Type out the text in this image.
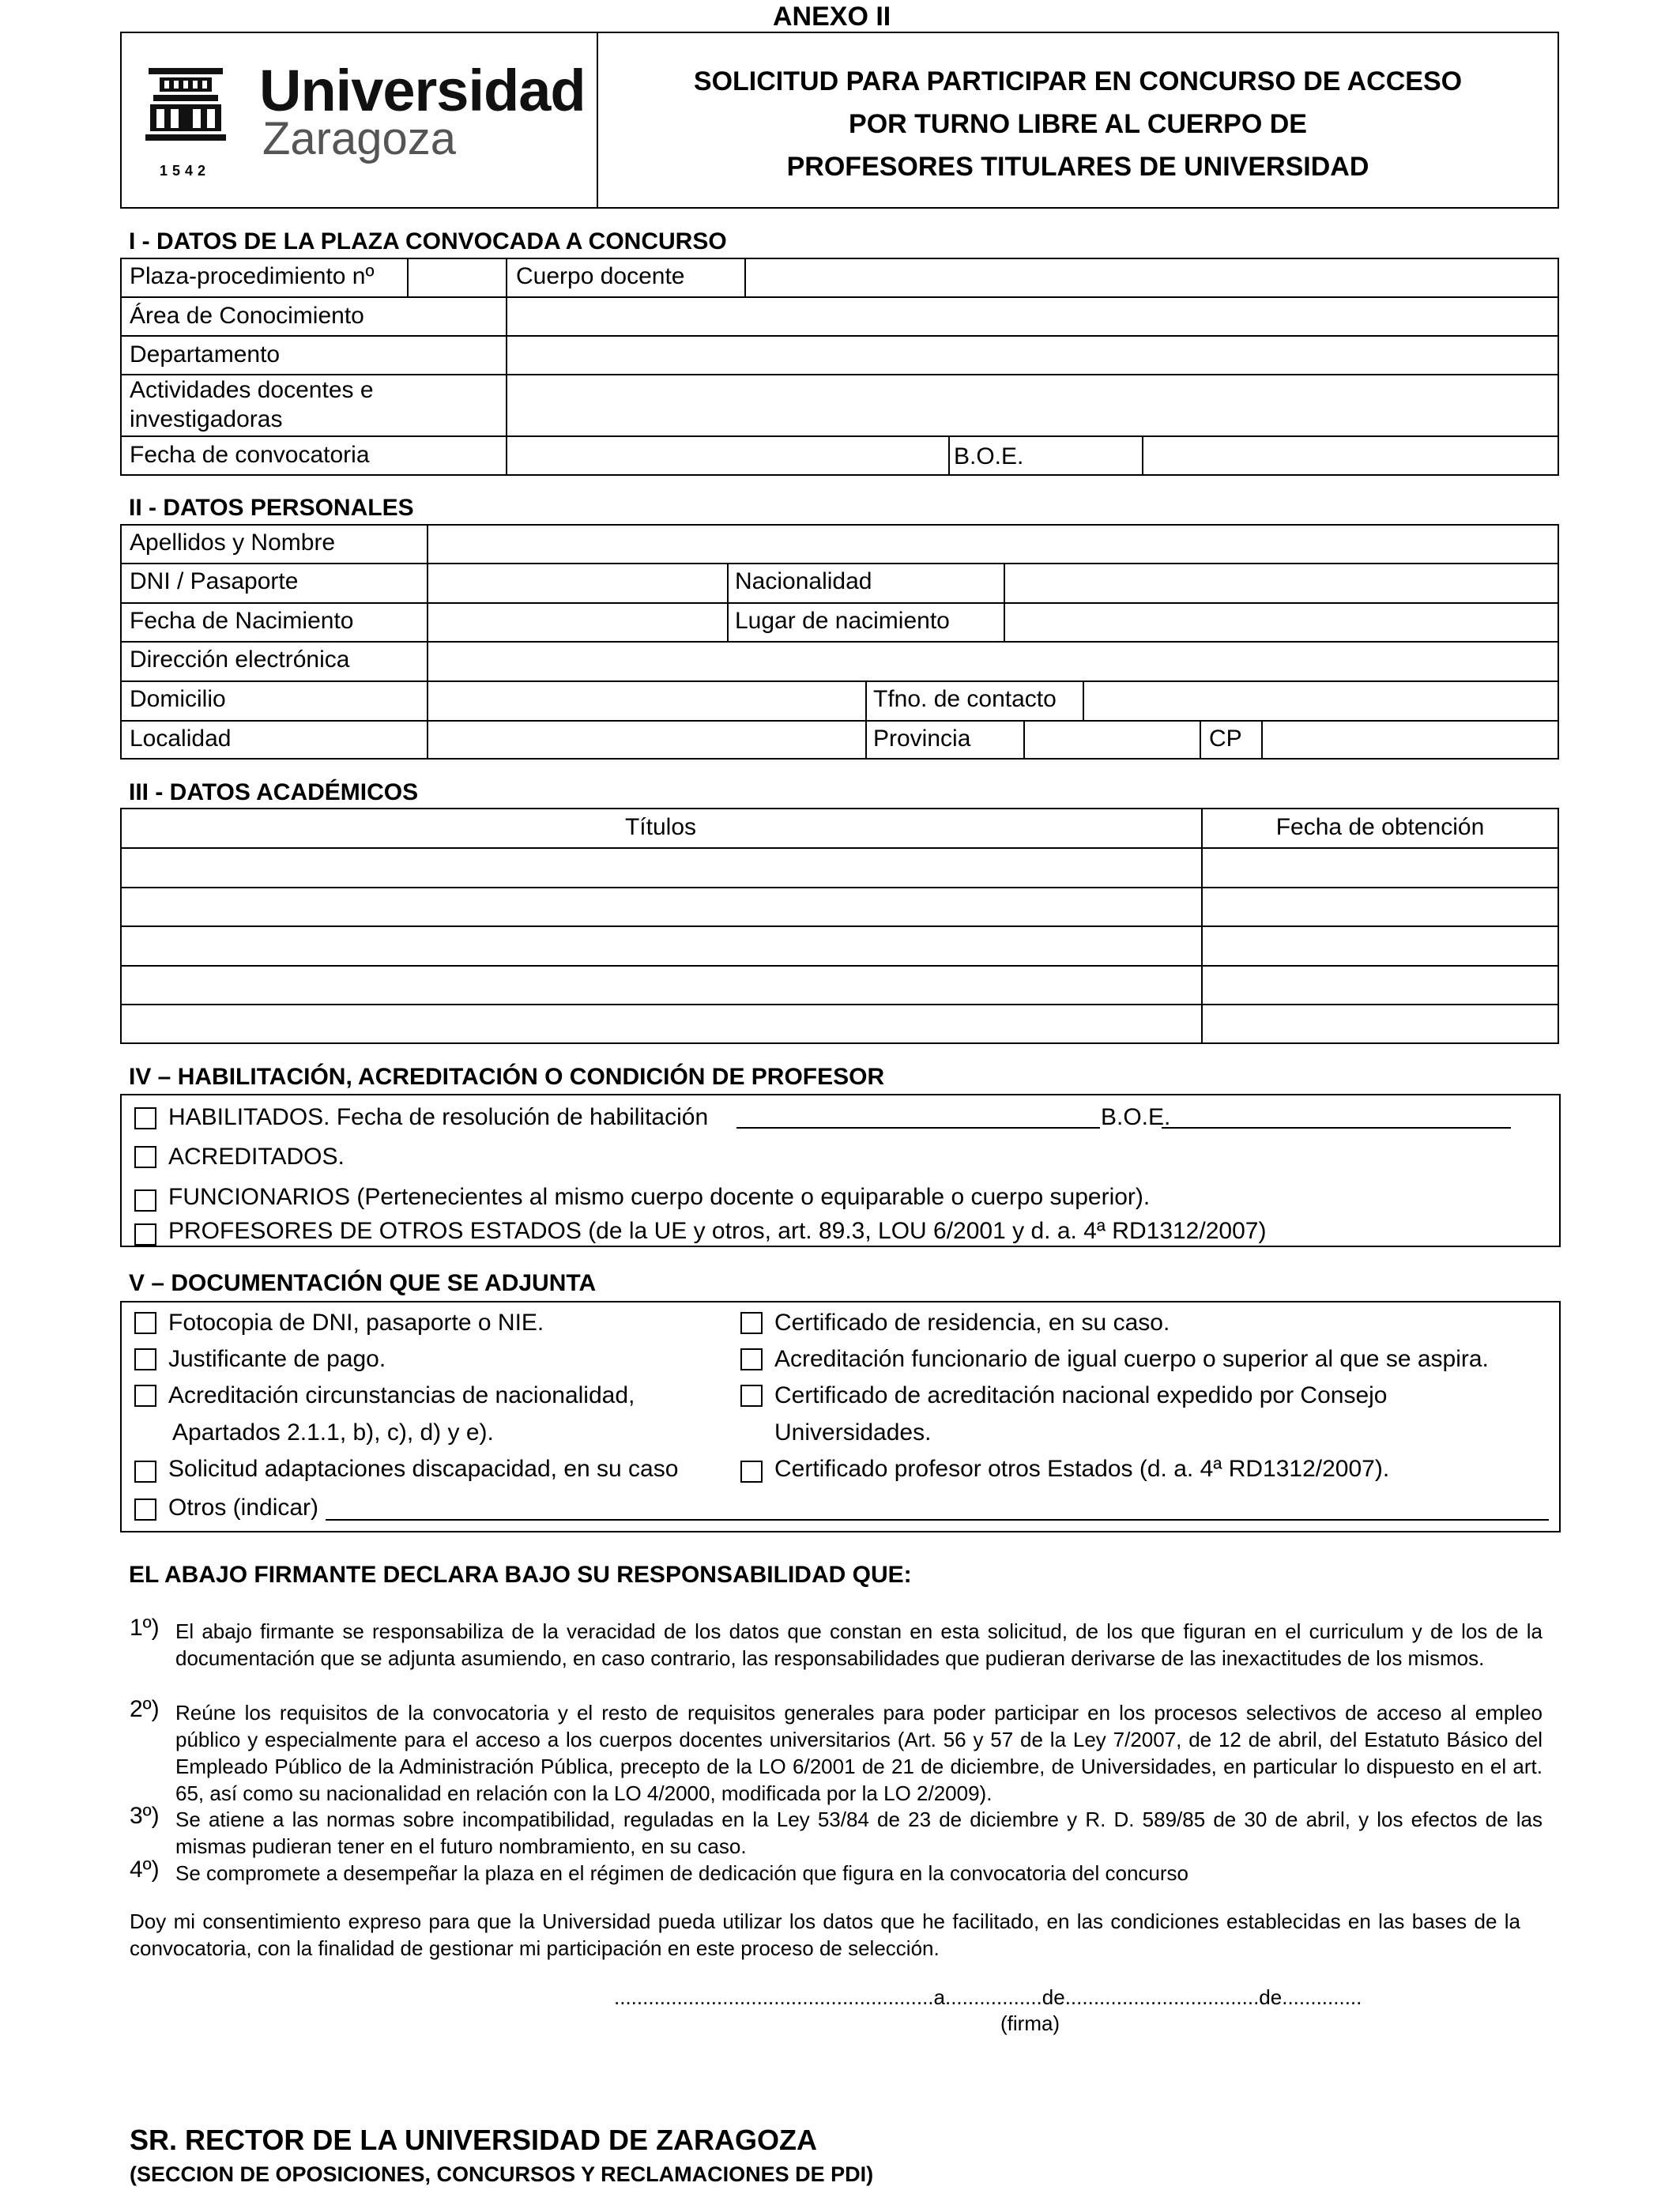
ANEXO II
1542
Universidad
Zaragoza
SOLICITUD PARA PARTICIPAR EN CONCURSO DE ACCESO
POR TURNO LIBRE AL CUERPO DE
PROFESORES TITULARES DE UNIVERSIDAD
I - DATOS DE LA PLAZA CONVOCADA A CONCURSO
Plaza-procedimiento nº	Cuerpo docente
Área de Conocimiento
Departamento
Actividades docentes e
investigadoras
Fecha de convocatoria	B.O.E.
II - DATOS PERSONALES
Apellidos y Nombre
DNI / Pasaporte	Nacionalidad
Fecha de Nacimiento	Lugar de nacimiento
Dirección electrónica
Domicilio	Tfno. de contacto
Localidad	Provincia	CP
III - DATOS ACADÉMICOS
Títulos	Fecha de obtención
IV – HABILITACIÓN, ACREDITACIÓN O CONDICIÓN DE PROFESOR
HABILITADOS. Fecha de resolución de habilitación	B.O.E.
ACREDITADOS.
FUNCIONARIOS (Pertenecientes al mismo cuerpo docente o equiparable o cuerpo superior).
PROFESORES DE OTROS ESTADOS (de la UE y otros, art. 89.3, LOU 6/2001 y d. a. 4ª RD1312/2007)
V – DOCUMENTACIÓN QUE SE ADJUNTA
Fotocopia de DNI, pasaporte o NIE.
Justificante de pago.
Acreditación circunstancias de nacionalidad,
Apartados 2.1.1, b), c), d) y e).
Solicitud adaptaciones discapacidad, en su caso
Certificado de residencia, en su caso.
Acreditación funcionario de igual cuerpo o superior al que se aspira.
Certificado de acreditación nacional expedido por Consejo
Universidades.
Certificado profesor otros Estados (d. a. 4ª RD1312/2007).
Otros (indicar)
EL ABAJO FIRMANTE DECLARA BAJO SU RESPONSABILIDAD QUE:
1º) El abajo firmante se responsabiliza de la veracidad de los datos que constan en esta solicitud, de los que figuran en el curriculum y de los de la documentación que se adjunta asumiendo, en caso contrario, las responsabilidades que pudieran derivarse de las inexactitudes de los mismos.
2º) Reúne los requisitos de la convocatoria y el resto de requisitos generales para poder participar en los procesos selectivos de acceso al empleo público y especialmente para el acceso a los cuerpos docentes universitarios (Art. 56 y 57 de la Ley 7/2007, de 12 de abril, del Estatuto Básico del Empleado Público de la Administración Pública, precepto de la LO 6/2001 de 21 de diciembre, de Universidades, en particular lo dispuesto en el art. 65, así como su nacionalidad en relación con la LO 4/2000, modificada por la LO 2/2009).
3º) Se atiene a las normas sobre incompatibilidad, reguladas en la Ley 53/84 de 23 de diciembre y R. D. 589/85 de 30 de abril, y los efectos de las mismas pudieran tener en el futuro nombramiento, en su caso.
4º) Se compromete a desempeñar la plaza en el régimen de dedicación que figura en la convocatoria del concurso
Doy mi consentimiento expreso para que la Universidad pueda utilizar los datos que he facilitado, en las condiciones establecidas en las bases de la convocatoria, con la finalidad de gestionar mi participación en este proceso de selección.
........................................................a.................de..................................de..............
(firma)
SR. RECTOR DE LA UNIVERSIDAD DE ZARAGOZA
(SECCION DE OPOSICIONES, CONCURSOS Y RECLAMACIONES DE PDI)
